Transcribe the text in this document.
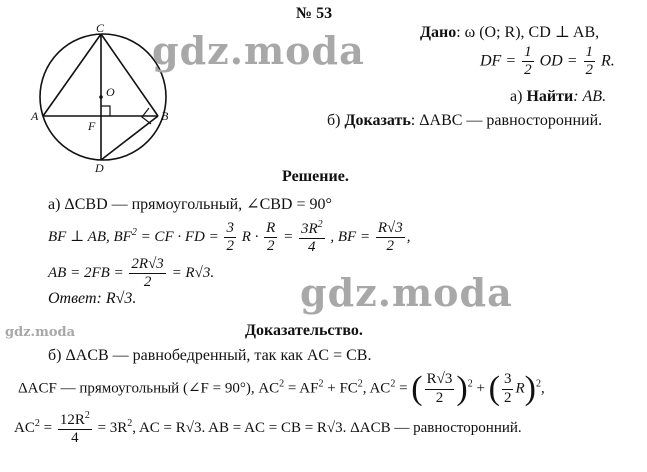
C
O
A
F
B
D
№ 53
gdz.moda	Дано: ω (O; R), CD ⊥ AB,
DF = $\frac{1}{2}$ OD = $\frac{1}{2} R$.
а) Найти: AB.
б) Доказать: ΔABC — равносторонний.
Решение.
а) ΔCBD — прямоугольный, ∠CBD = 90°
BF ⊥ AB, $BF^2$ = CF · FD = $\frac{3}{2}$ $R \cdot \frac{R}{2} = \frac{3R^2}{4}$ , BF = $\frac{R√3}{2}$ ,
AB = $2FB = \frac{2R√3}{2} = R√3$.
Ответ: R√3.	gdz.moda
gdz.moda	Доказательство.
б) ΔACB — равнобедренный, так как AC = CB.
ΔACF — прямоугольный (∠F = 90°), $AC^2 = AF^2 + FC^2$, $AC^2$ = ( $\frac{R√3}{2} )^2$ + ( $\frac{3}{2} R)^2$,
$AC^2 = \frac{12R^2}{4} = 3R^2$, AC = R√3. AB = AC = CB = R√3. ΔACB — равносторонний.
